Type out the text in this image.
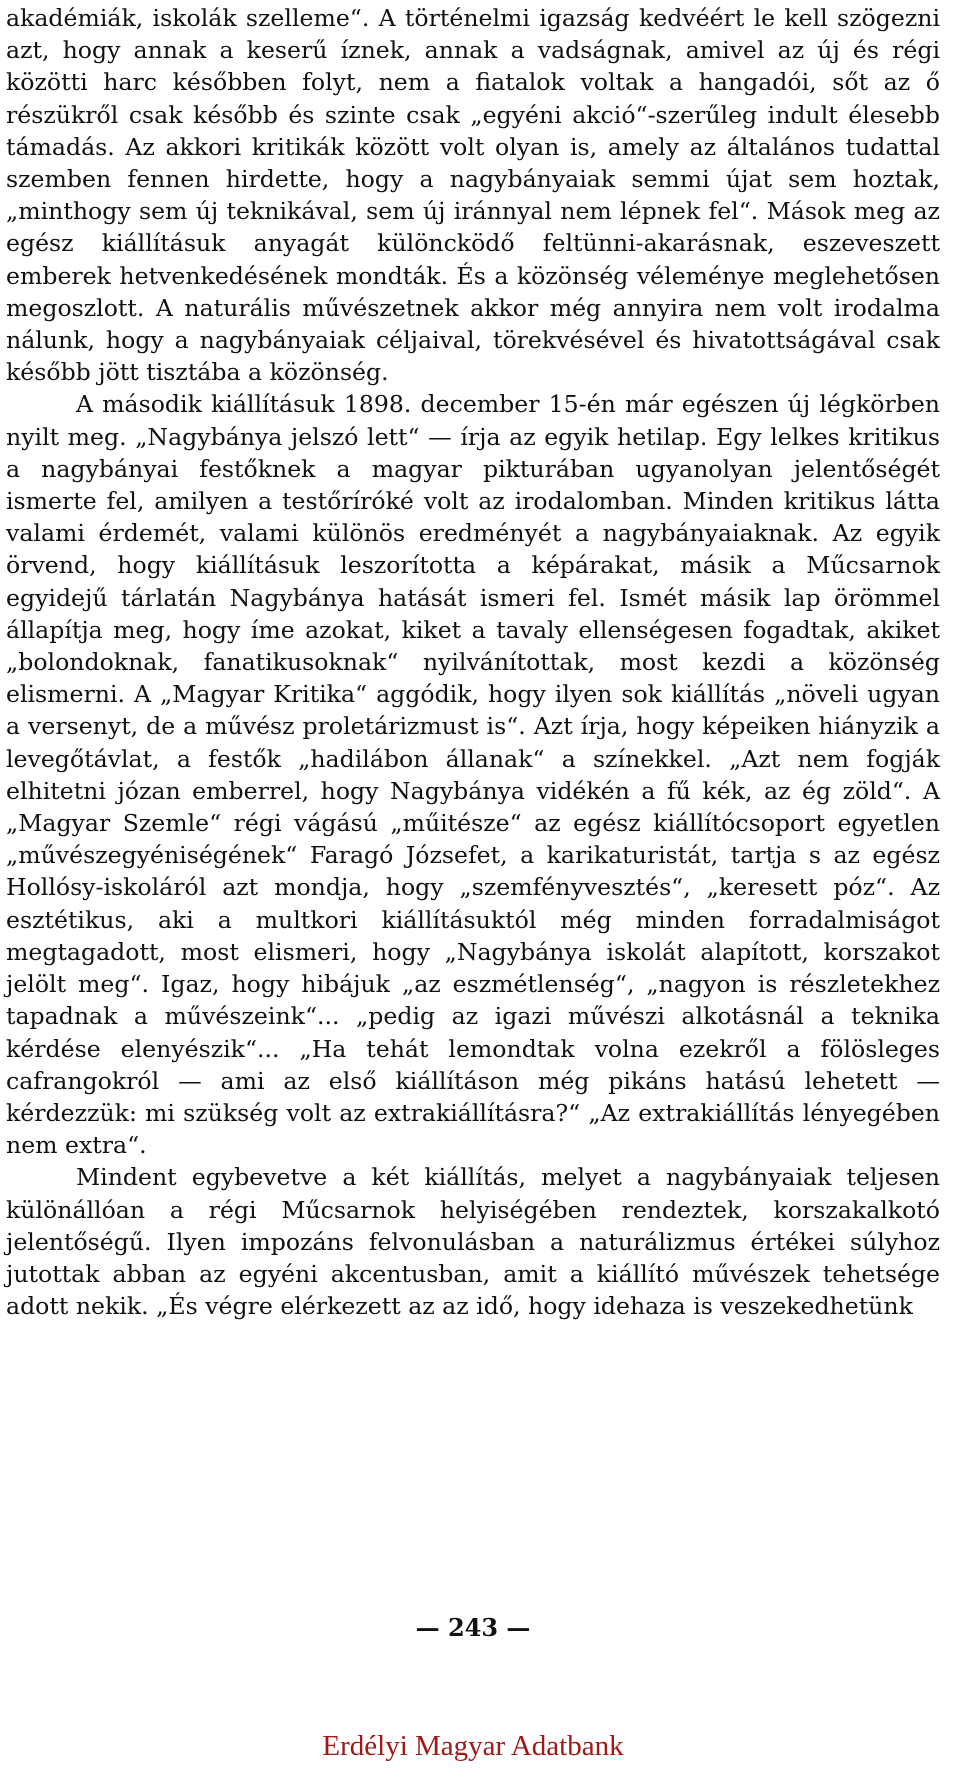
akadémiák, iskolák szelleme“. A történelmi igazság kedvéért le kell szögezni azt, hogy annak a keserű íznek, annak a vadságnak, amivel az új és régi közötti harc későbben folyt, nem a fiatalok voltak a hangadói, sőt az ő részükről csak később és szinte csak „egyéni akció“-szerűleg indult élesebb támadás. Az akkori kritikák között volt olyan is, amely az általános tudattal szemben fennen hirdette, hogy a nagybányaiak semmi újat sem hoztak, „minthogy sem új teknikával, sem új iránnyal nem lépnek fel“. Mások meg az egész kiállításuk anyagát különcködő feltünni-akarásnak, eszeveszett emberek hetvenkedésének mondták. És a közönség véleménye meglehetősen megoszlott. A naturális művészetnek akkor még annyira nem volt irodalma nálunk, hogy a nagybányaiak céljaival, törekvésével és hivatottságával csak később jött tisztába a közönség.

A második kiállításuk 1898. december 15-én már egészen új légkörben nyilt meg. „Nagybánya jelszó lett“ — írja az egyik hetilap. Egy lelkes kritikus a nagybányai festőknek a magyar pikturában ugyanolyan jelentőségét ismerte fel, amilyen a testőríróké volt az irodalomban. Minden kritikus látta valami érdemét, valami különös eredményét a nagybányaiaknak. Az egyik örvend, hogy kiállításuk leszorította a képárakat, másik a Műcsarnok egyidejű tárlatán Nagybánya hatását ismeri fel. Ismét másik lap örömmel állapítja meg, hogy íme azokat, kiket a tavaly ellenségesen fogadtak, akiket „bolondoknak, fanatikusoknak“ nyilvánítottak, most kezdi a közönség elismerni. A „Magyar Kritika“ aggódik, hogy ilyen sok kiállítás „növeli ugyan a versenyt, de a művész proletárizmust is“. Azt írja, hogy képeiken hiányzik a levegőtávlat, a festők „hadilábon állanak“ a színekkel. „Azt nem fogják elhitetni józan emberrel, hogy Nagybánya vidékén a fű kék, az ég zöld“. A „Magyar Szemle“ régi vágású „műitésze“ az egész kiállítócsoport egyetlen „művészegyéniségének“ Faragó Józsefet, a karikaturistát, tartja s az egész Hollósy-iskoláról azt mondja, hogy „szemfényvesztés“, „keresett póz“. Az esztétikus, aki a multkori kiállításuktól még minden forradalmiságot megtagadott, most elismeri, hogy „Nagybánya iskolát alapított, korszakot jelölt meg“. Igaz, hogy hibájuk „az eszmétlenség“, „nagyon is részletekhez tapadnak a művészeink“... „pedig az igazi művészi alkotásnál a teknika kérdése elenyészik“... „Ha tehát lemondtak volna ezekről a fölösleges cafrangokról — ami az első kiállításon még pikáns hatású lehetett — kérdezzük: mi szükség volt az extrakiállításra?“ „Az extrakiállítás lényegében nem extra“.

Mindent egybevetve a két kiállítás, melyet a nagybányaiak teljesen különállóan a régi Műcsarnok helyiségében rendeztek, korszakalkotó jelentőségű. Ilyen impozáns felvonulásban a naturálizmus értékei súlyhoz jutottak abban az egyéni akcentusban, amit a kiállító művészek tehetsége adott nekik. „És végre elérkezett az az idő, hogy idehaza is veszekedhetünk

— 243 —
Erdélyi Magyar Adatbank
